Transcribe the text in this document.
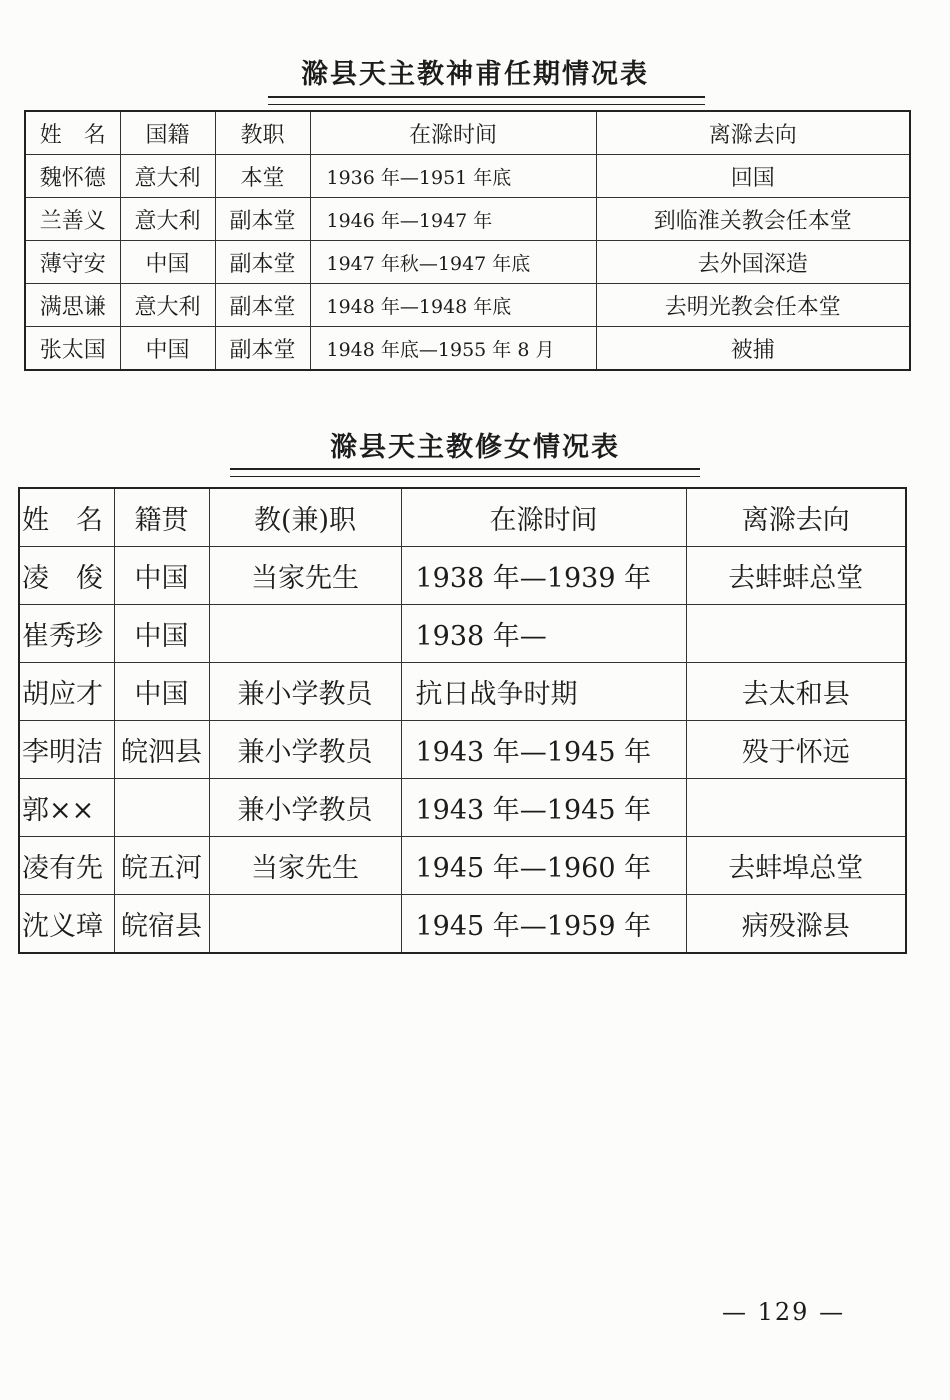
滁县天主教神甫任期情况表
姓　名	国籍	教职	在滁时间	离滁去向
魏怀德	意大利	本堂	1936 年—1951 年底	回国
兰善义	意大利	副本堂	1946 年—1947 年	到临淮关教会任本堂
薄守安	中国	副本堂	1947 年秋—1947 年底	去外国深造
满思谦	意大利	副本堂	1948 年—1948 年底	去明光教会任本堂
张太国	中国	副本堂	1948 年底—1955 年 8 月	被捕
滁县天主教修女情况表
姓　名	籍贯	教(兼)职	在滁时间	离滁去向
凌　俊	中国	当家先生	1938 年—1939 年	去蚌蚌总堂
崔秀珍	中国		1938 年—	
胡应才	中国	兼小学教员	抗日战争时期	去太和县
李明洁	皖泗县	兼小学教员	1943 年—1945 年	殁于怀远
郭××		兼小学教员	1943 年—1945 年	
凌有先	皖五河	当家先生	1945 年—1960 年	去蚌埠总堂
沈义璋	皖宿县		1945 年—1959 年	病殁滁县
— 129 —
